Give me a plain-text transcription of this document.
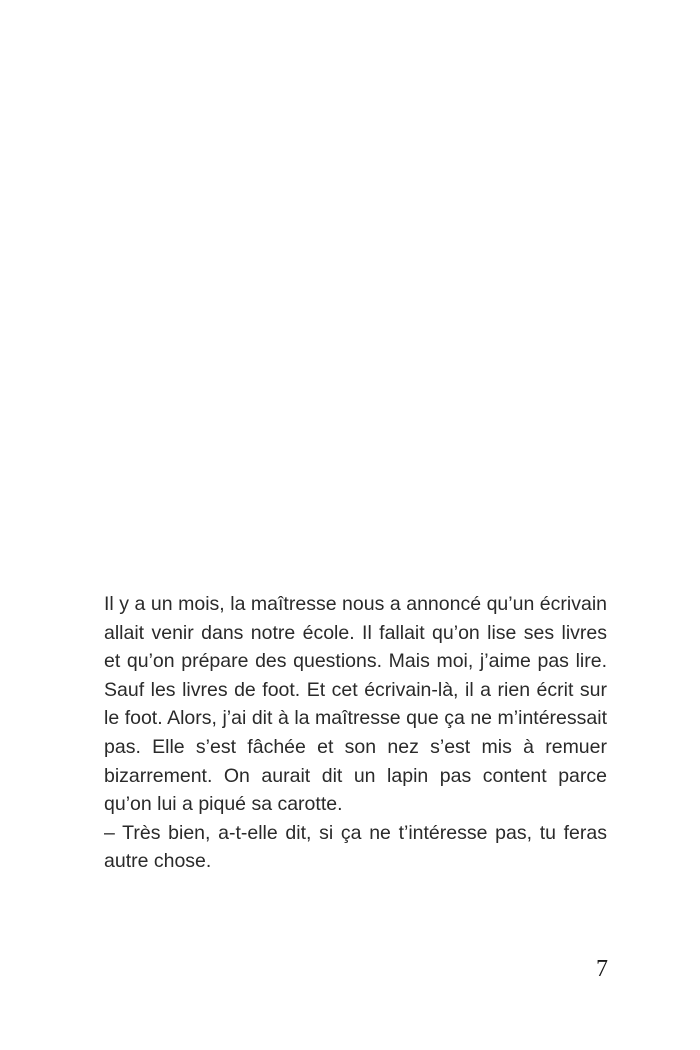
Il y a un mois, la maîtresse nous a annoncé qu’un écrivain allait venir dans notre école. Il fallait qu’on lise ses livres et qu’on prépare des questions. Mais moi, j’aime pas lire. Sauf les livres de foot. Et cet écrivain-là, il a rien écrit sur le foot. Alors, j’ai dit à la maîtresse que ça ne m’intéressait pas. Elle s’est fâchée et son nez s’est mis à remuer bizarrement. On aurait dit un lapin pas content parce qu’on lui a piqué sa carotte.

– Très bien, a-t-elle dit, si ça ne t’intéresse pas, tu feras autre chose.

7
